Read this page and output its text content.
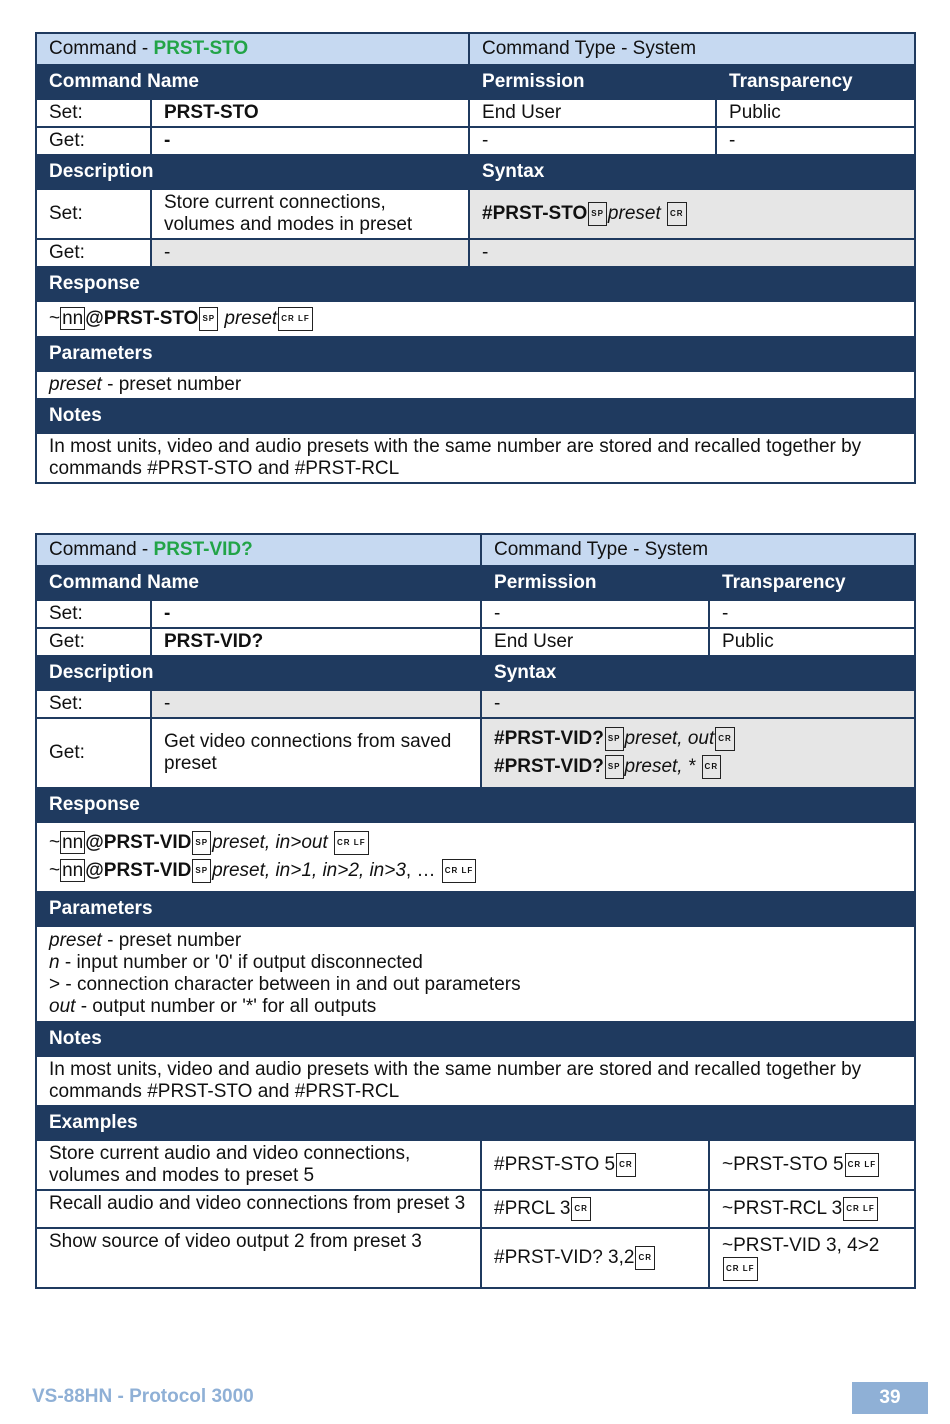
Command - PRST-STO		Command Type - System	
Command Name		Permission	Transparency
Set:	PRST-STO	End User	Public
Get:	-	-	-
Description		Syntax	
Set:	Store current connections, volumes and modes in preset	#PRST-STO SP preset CR	
Get:	-	-	
Response			
~ nn @PRST-STO SP preset CR LF			
Parameters			
preset - preset number			
Notes			
In most units, video and audio presets with the same number are stored and recalled together by commands #PRST-STO and #PRST-RCL			
Command - PRST-VID?		Command Type - System	
Command Name		Permission	Transparency
Set:	-	-	-
Get:	PRST-VID?	End User	Public
Description		Syntax	
Set:	-	-	
Get:	Get video connections from saved preset	#PRST-VID? SP preset, out CR
#PRST-VID? SP preset, * CR	

Response			

~ nn @PRST-VID SP preset, in>out CR LF
~ nn @PRST-VID SP preset, in>1, in>2, in>3, … CR LF			

Parameters			

preset - preset number
n - input number or '0' if output disconnected
> - connection character between in and out parameters
out - output number or '*' for all outputs			

Notes			
In most units, video and audio presets with the same number are stored and recalled together by commands #PRST-STO and #PRST-RCL			
Examples			
Store current audio and video connections, volumes and modes to preset 5		#PRST-STO 5 CR	~PRST-STO 5 CR LF
Recall audio and video connections from preset 3		#PRCL 3 CR	~PRST-RCL 3 CR LF
Show source of video output 2 from preset 3		#PRST-VID? 3,2 CR	~PRST-VID 3, 4>2CR LF
VS-88HN - Protocol 3000	39
